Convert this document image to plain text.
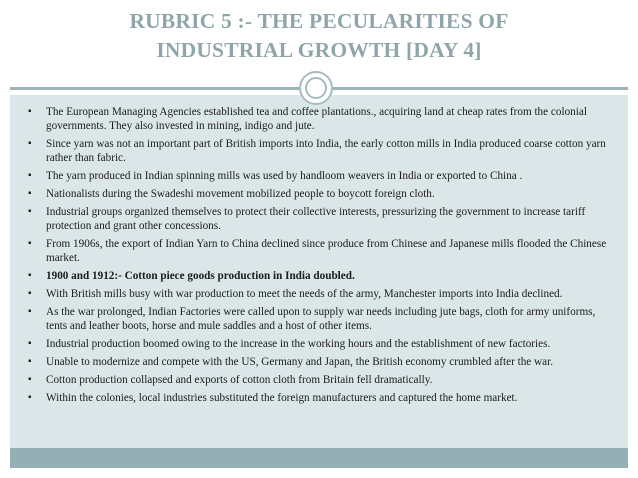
RUBRIC 5 :- THE PECULARITIES OF
INDUSTRIAL GROWTH [DAY 4]
▪ The European Managing Agencies established tea and coffee plantations., acquiring land at cheap rates from the colonial governments. They also invested in mining, indigo and jute.
▪ Since yarn was not an important part of British imports into India, the early cotton mills in India produced coarse cotton yarn rather than fabric.
▪ The yarn produced in Indian spinning mills was used by handloom weavers in India or exported to China .
▪ Nationalists during the Swadeshi movement mobilized people to boycott foreign cloth.
▪ Industrial groups organized themselves to protect their collective interests, pressurizing the government to increase tariff protection and grant other concessions.
▪ From 1906s, the export of Indian Yarn to China declined since produce from Chinese and Japanese mills flooded the Chinese market.
▪ 1900 and 1912:- Cotton piece goods production in India doubled.
▪ With British mills busy with war production to meet the needs of the army, Manchester imports into India declined.
▪ As the war prolonged, Indian Factories were called upon to supply war needs including jute bags, cloth for army uniforms, tents and leather boots, horse and mule saddles and a host of other items.
▪ Industrial production boomed owing to the increase in the working hours and the establishment of new factories.
▪ Unable to modernize and compete with the US, Germany and Japan, the British economy crumbled after the war.
▪ Cotton production collapsed and exports of cotton cloth from Britain fell dramatically.
▪ Within the colonies, local industries substituted the foreign manufacturers and captured the home market.
